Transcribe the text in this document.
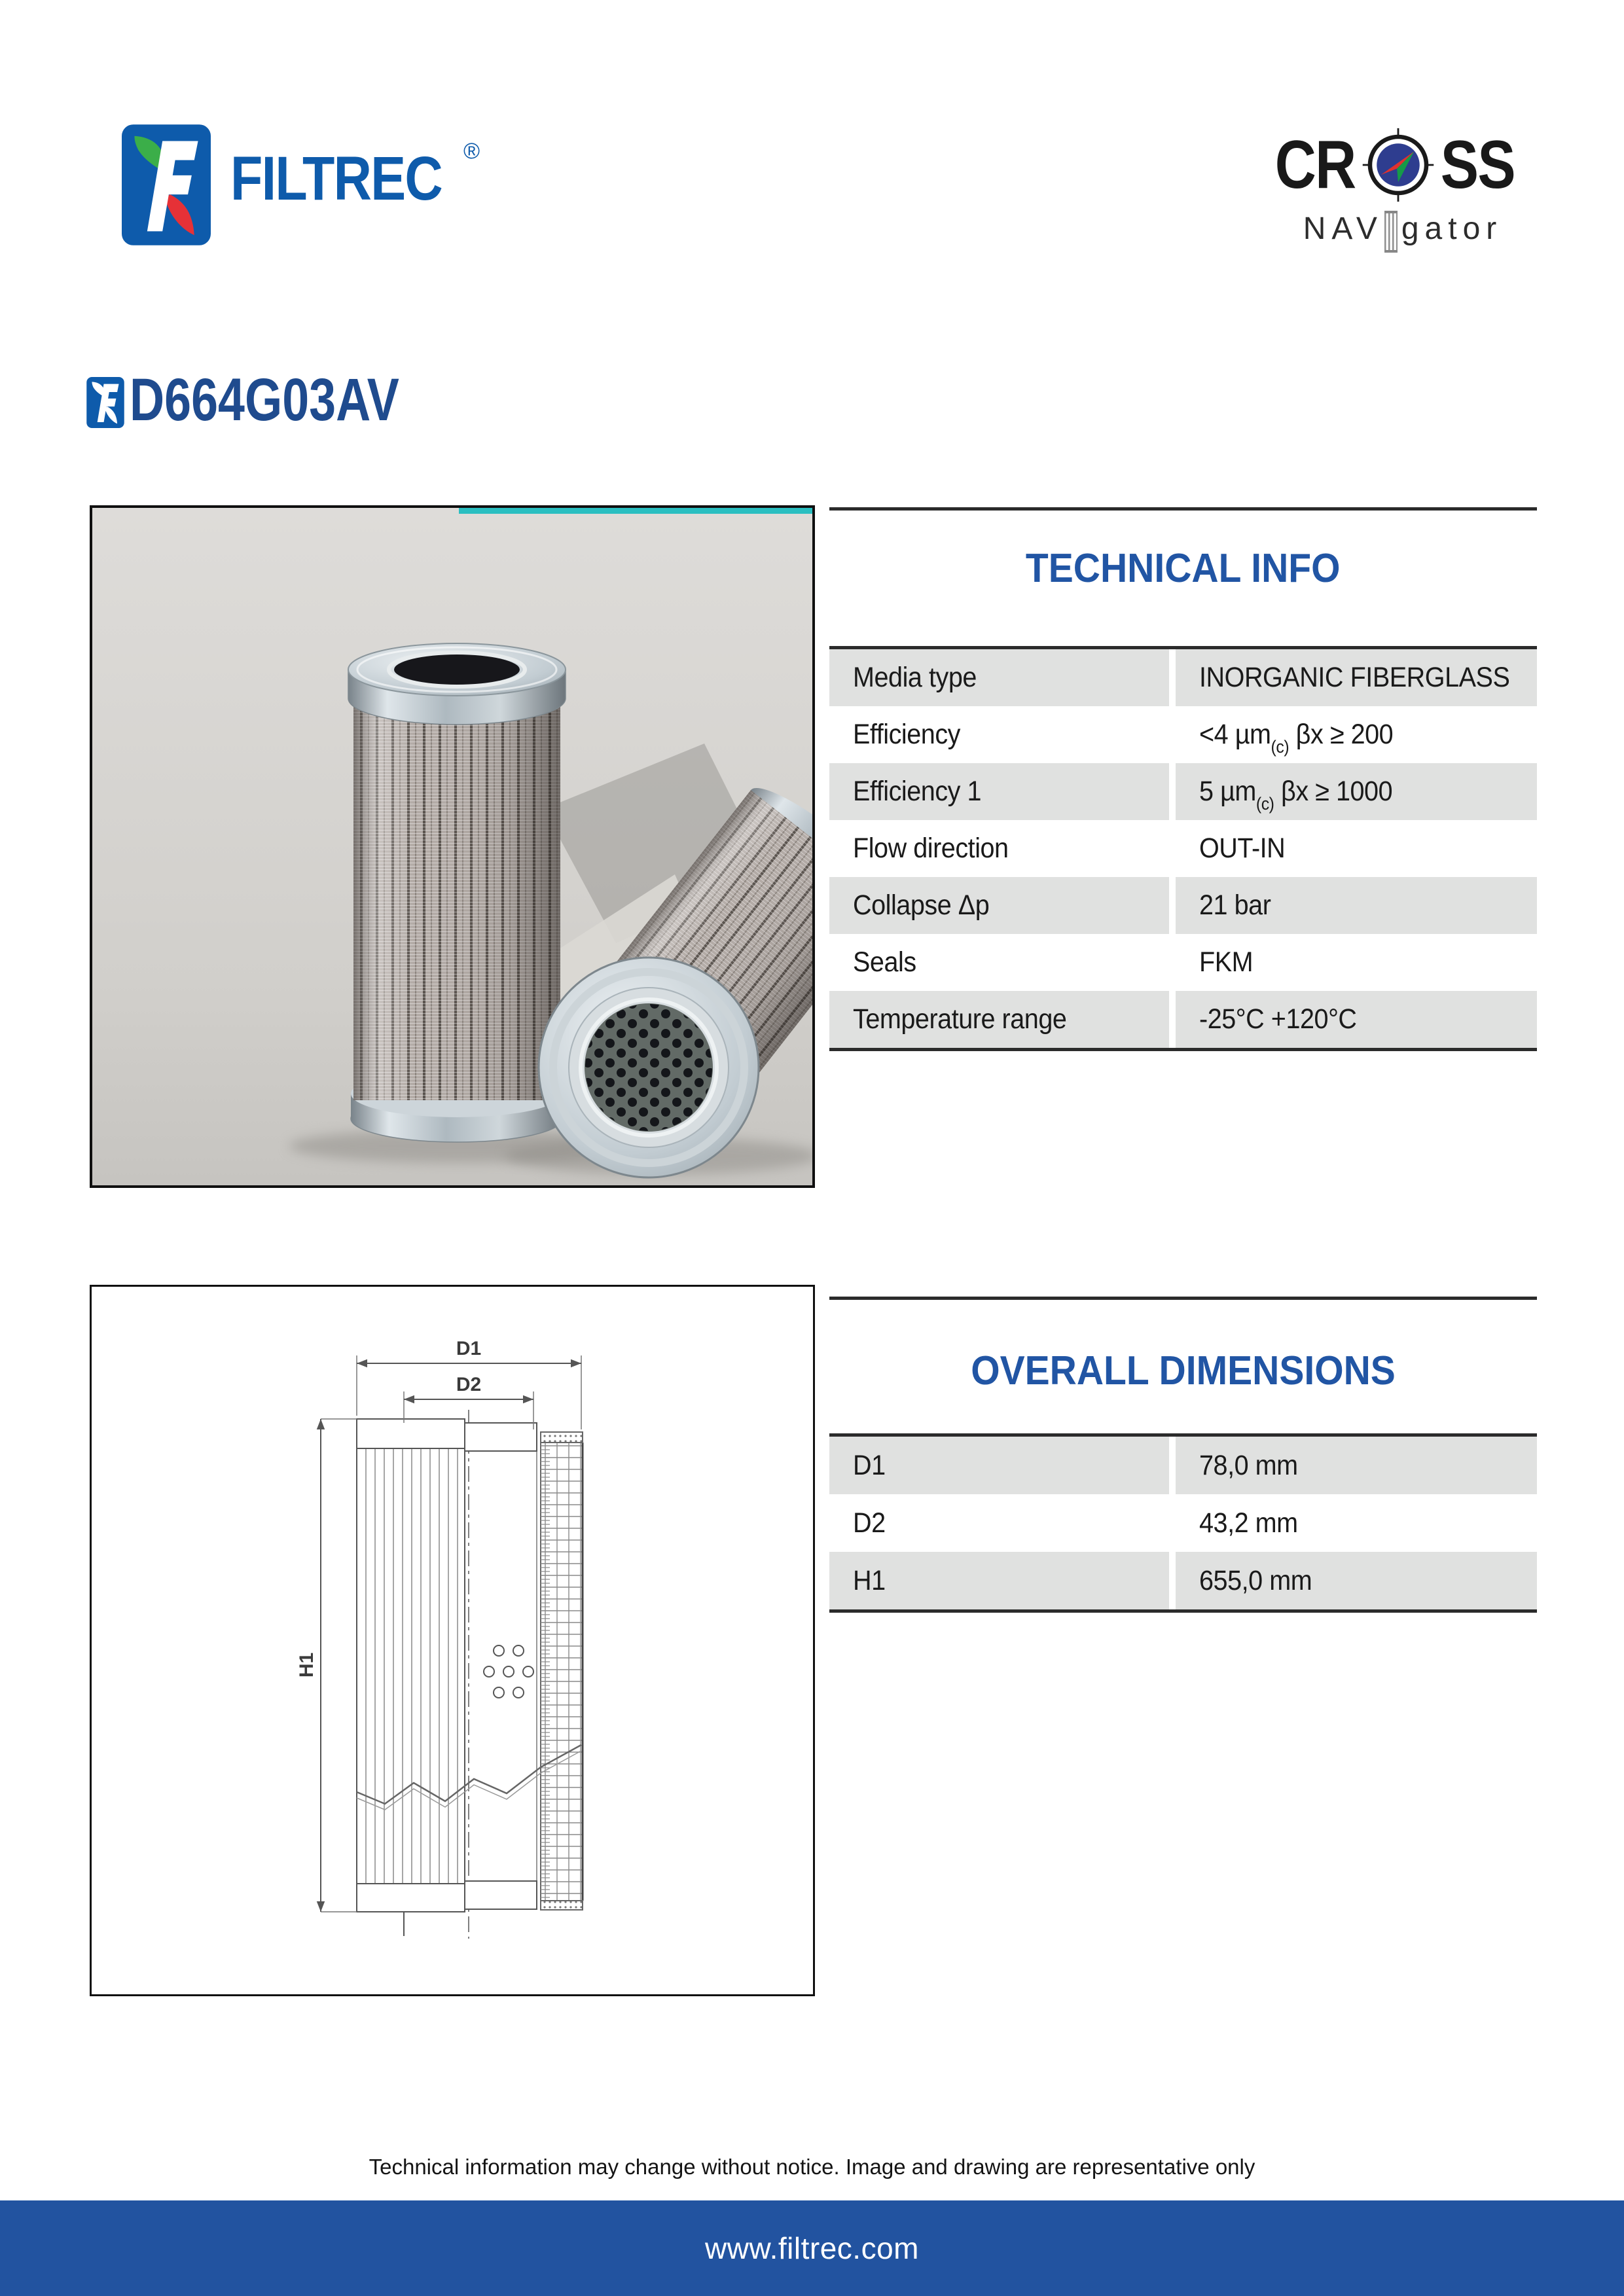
FILTREC ®	CR SS
NAV gator
D664G03AV
TECHNICAL INFO
Media type	INORGANIC FIBERGLASS
Efficiency	<4 µm$_{(c)}$ βx ≥ 200
Efficiency 1	5 µm$_{(c)}$ βx ≥ 1000
Flow direction	OUT-IN
Collapse Δp	21 bar
Seals	FKM
Temperature range	-25°C +120°C
D1
D2
H1
OVERALL DIMENSIONS
D1	78,0 mm
D2	43,2 mm
H1	655,0 mm
Technical information may change without notice. Image and drawing are representative only
www.filtrec.com
